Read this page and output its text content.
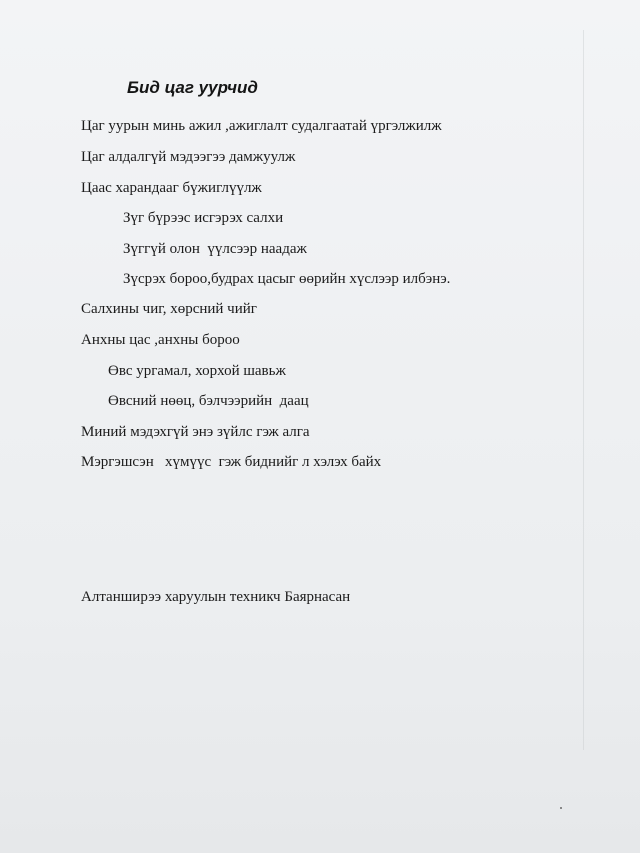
Бид цаг уурчид
Цаг уурын минь ажил ,ажиглалт судалгаатай үргэлжилж
Цаг алдалгүй мэдээгээ дамжуулж
Цаас харандааг бүжиглүүлж
Зүг бүрээс исгэрэх салхи
Зүггүй олон  үүлсээр наадаж
Зүсрэх бороо,будрах цасыг өөрийн хүслээр илбэнэ.
Салхины чиг, хөрсний чийг
Анхны цас ,анхны бороо
Өвс ургамал, хорхой шавьж
Өвсний нөөц, бэлчээрийн  даац
Миний мэдэхгүй энэ зүйлс гэж алга
Мэргэшсэн   хүмүүс  гэж биднийг л хэлэх байх
Алтанширээ харуулын техникч Баярнасан
